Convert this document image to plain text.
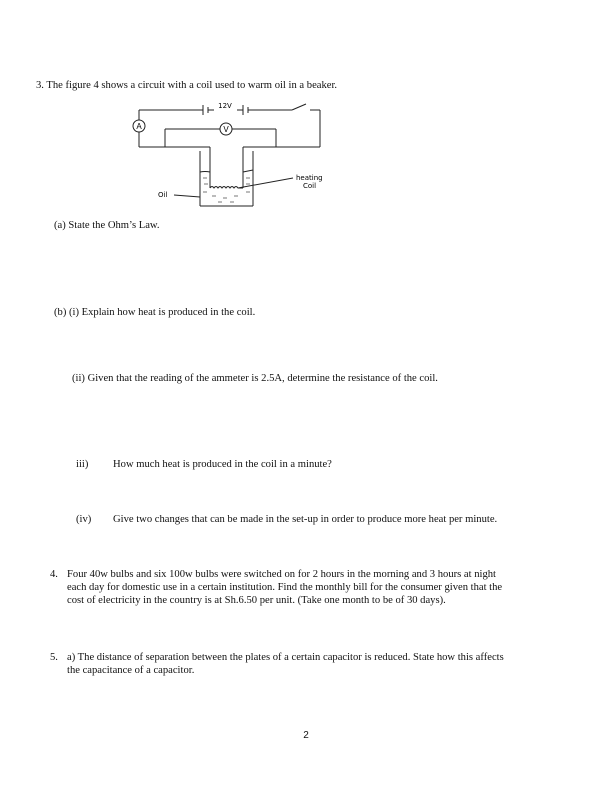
3. The figure 4 shows a circuit with a coil used to warm oil in a beaker.
A	V
12V
Oil
heating
Coil
(a) State the Ohm’s Law.
(b) (i) Explain how heat is produced in the coil.
(ii) Given that the reading of the ammeter is 2.5A, determine the resistance of the coil.
iii) How much heat is produced in the coil in a minute?
(iv) Give two changes that can be made in the set-up in order to produce more heat per minute.
4. Four 40w bulbs and six 100w bulbs were switched on for 2 hours in the morning and 3 hours at night
each day for domestic use in a certain institution. Find the monthly bill for the consumer given that the
cost of electricity in the country is at Sh.6.50 per unit. (Take one month to be of 30 days).
5. a) The distance of separation between the plates of a certain capacitor is reduced. State how this affects
the capacitance of a capacitor.
2
